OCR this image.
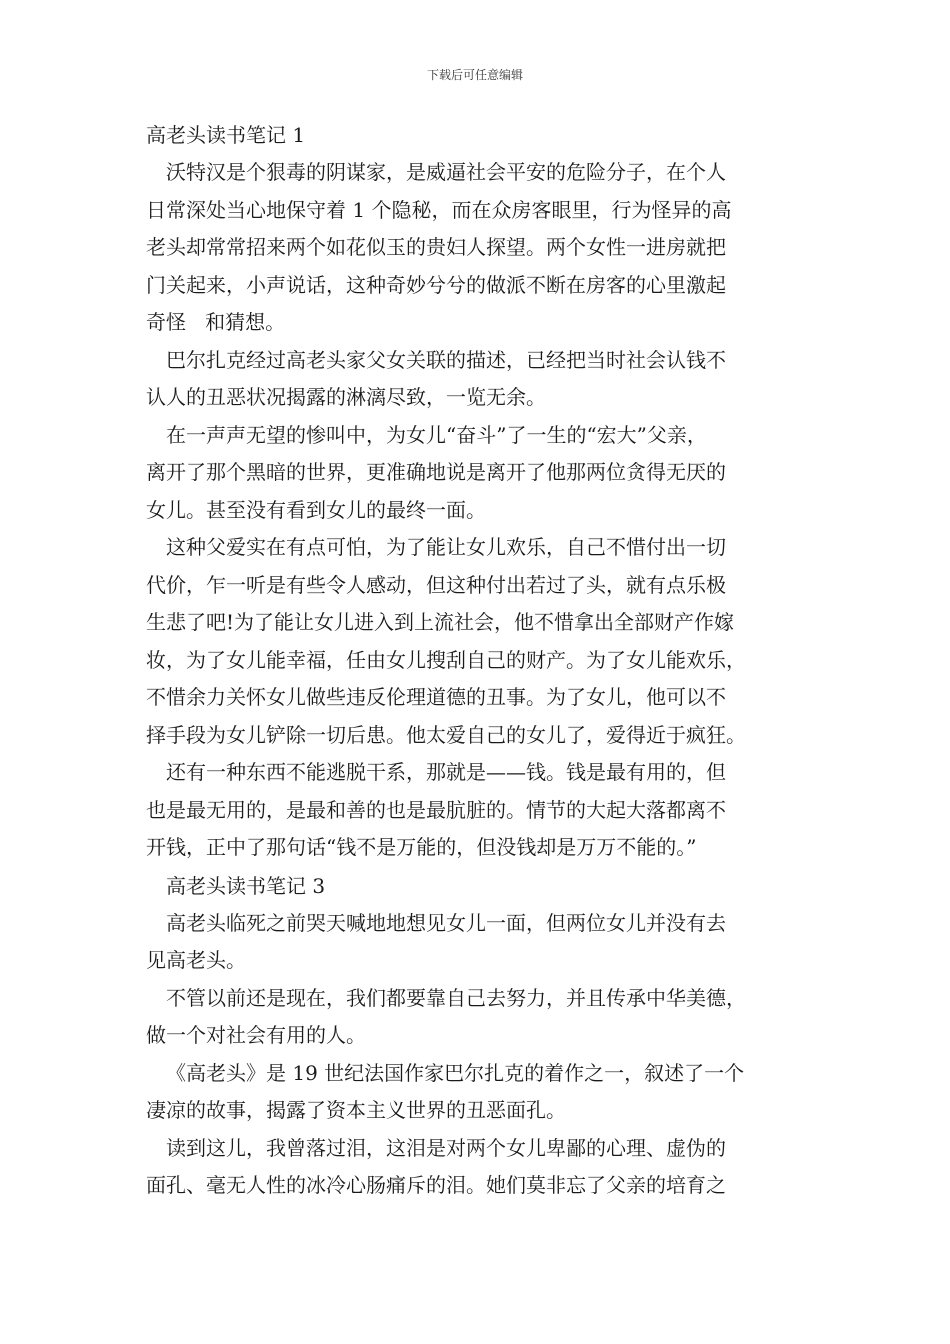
下载后可任意编辑
高老头读书笔记 1
沃特汉是个狠毒的阴谋家，是威逼社会平安的危险分子，在个人
日常深处当心地保守着 1 个隐秘，而在众房客眼里，行为怪异的高
老头却常常招来两个如花似玉的贵妇人探望。两个女性一进房就把
门关起来，小声说话，这种奇妙兮兮的做派不断在房客的心里激起
奇怪   和猜想。
巴尔扎克经过高老头家父女关联的描述，已经把当时社会认钱不
认人的丑恶状况揭露的淋漓尽致，一览无余。
在一声声无望的惨叫中，为女儿“奋斗”了一生的“宏大”父亲，
离开了那个黑暗的世界，更准确地说是离开了他那两位贪得无厌的
女儿。甚至没有看到女儿的最终一面。
这种父爱实在有点可怕，为了能让女儿欢乐，自己不惜付出一切
代价，乍一听是有些令人感动，但这种付出若过了头，就有点乐极
生悲了吧!为了能让女儿进入到上流社会，他不惜拿出全部财产作嫁
妆，为了女儿能幸福，任由女儿搜刮自己的财产。为了女儿能欢乐，
不惜余力关怀女儿做些违反伦理道德的丑事。为了女儿，他可以不
择手段为女儿铲除一切后患。他太爱自己的女儿了，爱得近于疯狂。
还有一种东西不能逃脱干系，那就是——钱。钱是最有用的，但
也是最无用的，是最和善的也是最肮脏的。情节的大起大落都离不
开钱，正中了那句话“钱不是万能的，但没钱却是万万不能的。”
高老头读书笔记 3
高老头临死之前哭天喊地地想见女儿一面，但两位女儿并没有去
见高老头。
不管以前还是现在，我们都要靠自己去努力，并且传承中华美德，
做一个对社会有用的人。
《高老头》是 19 世纪法国作家巴尔扎克的着作之一，叙述了一个
凄凉的故事，揭露了资本主义世界的丑恶面孔。
读到这儿，我曾落过泪，这泪是对两个女儿卑鄙的心理、虚伪的
面孔、毫无人性的冰冷心肠痛斥的泪。她们莫非忘了父亲的培育之
